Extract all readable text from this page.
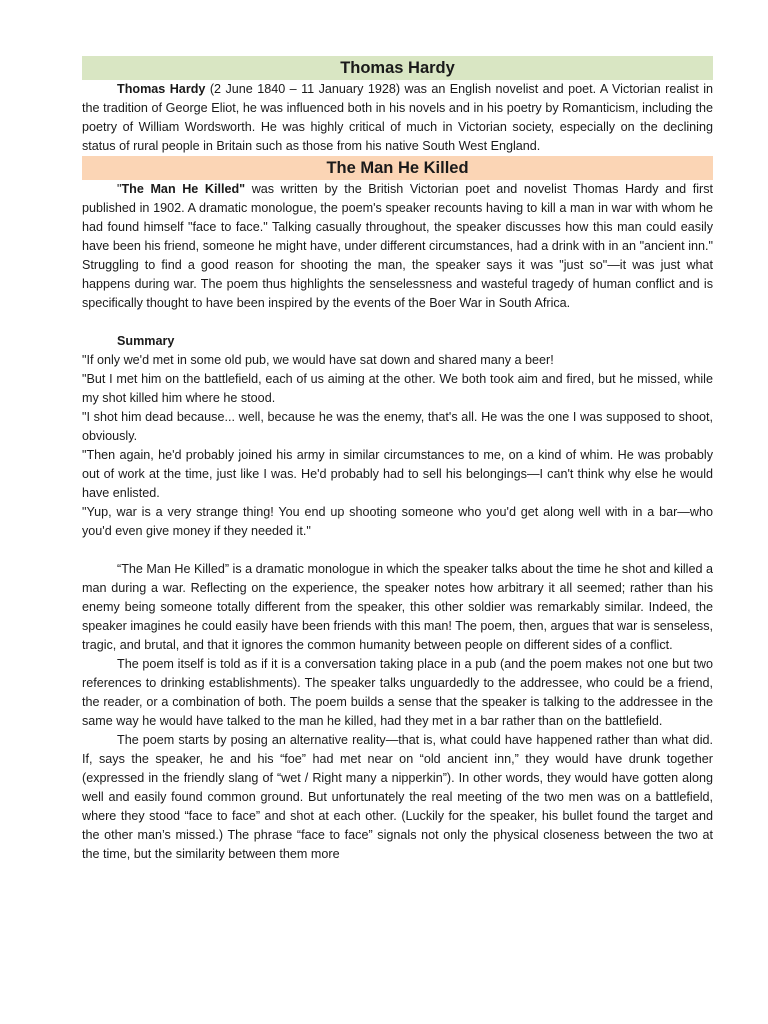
Thomas Hardy

Thomas Hardy (2 June 1840 – 11 January 1928) was an English novelist and poet. A Victorian realist in the tradition of George Eliot, he was influenced both in his novels and in his poetry by Romanticism, including the poetry of William Wordsworth. He was highly critical of much in Victorian society, especially on the declining status of rural people in Britain such as those from his native South West England.

The Man He Killed

"The Man He Killed" was written by the British Victorian poet and novelist Thomas Hardy and first published in 1902. A dramatic monologue, the poem's speaker recounts having to kill a man in war with whom he had found himself "face to face." Talking casually throughout, the speaker discusses how this man could easily have been his friend, someone he might have, under different circumstances, had a drink with in an "ancient inn." Struggling to find a good reason for shooting the man, the speaker says it was "just so"—it was just what happens during war. The poem thus highlights the senselessness and wasteful tragedy of human conflict and is specifically thought to have been inspired by the events of the Boer War in South Africa.

Summary

"If only we'd met in some old pub, we would have sat down and shared many a beer!

"But I met him on the battlefield, each of us aiming at the other. We both took aim and fired, but he missed, while my shot killed him where he stood.

"I shot him dead because... well, because he was the enemy, that's all. He was the one I was supposed to shoot, obviously.

"Then again, he'd probably joined his army in similar circumstances to me, on a kind of whim. He was probably out of work at the time, just like I was. He'd probably had to sell his belongings—I can't think why else he would have enlisted.

"Yup, war is a very strange thing! You end up shooting someone who you'd get along well with in a bar—who you'd even give money if they needed it."

“The Man He Killed” is a dramatic monologue in which the speaker talks about the time he shot and killed a man during a war. Reflecting on the experience, the speaker notes how arbitrary it all seemed; rather than his enemy being someone totally different from the speaker, this other soldier was remarkably similar. Indeed, the speaker imagines he could easily have been friends with this man! The poem, then, argues that war is senseless, tragic, and brutal, and that it ignores the common humanity between people on different sides of a conflict.

The poem itself is told as if it is a conversation taking place in a pub (and the poem makes not one but two references to drinking establishments). The speaker talks unguardedly to the addressee, who could be a friend, the reader, or a combination of both. The poem builds a sense that the speaker is talking to the addressee in the same way he would have talked to the man he killed, had they met in a bar rather than on the battlefield.

The poem starts by posing an alternative reality—that is, what could have happened rather than what did. If, says the speaker, he and his “foe” had met near on “old ancient inn,” they would have drunk together (expressed in the friendly slang of “wet / Right many a nipperkin”). In other words, they would have gotten along well and easily found common ground. But unfortunately the real meeting of the two men was on a battlefield, where they stood “face to face” and shot at each other. (Luckily for the speaker, his bullet found the target and the other man’s missed.) The phrase “face to face” signals not only the physical closeness between the two at the time, but the similarity between them more
